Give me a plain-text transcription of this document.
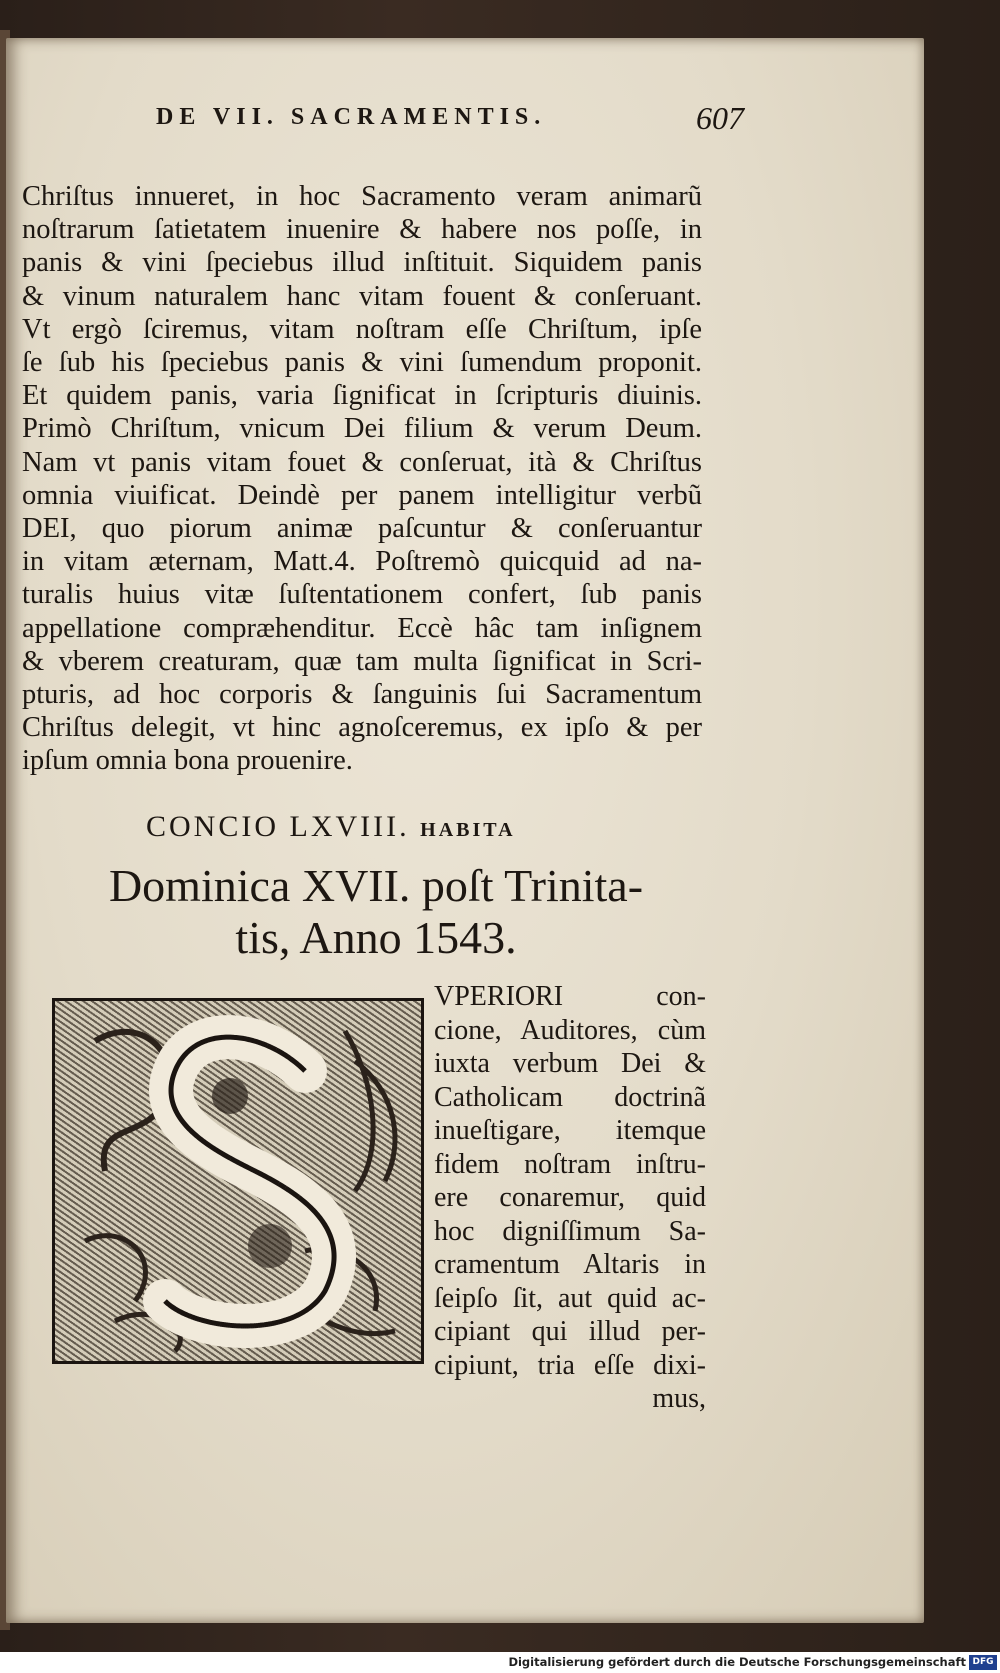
DE VII. SACRAMENTIS.	607
Chriſtus innueret, in hoc Sacramento veram animarũ
noſtrarum ſatietatem inuenire & habere nos poſſe, in
panis & vini ſpeciebus illud inſtituit. Siquidem panis
& vinum naturalem hanc vitam fouent & conſeruant.
Vt ergò ſciremus, vitam noſtram eſſe Chriſtum, ipſe
ſe ſub his ſpeciebus panis & vini ſumendum proponit.
Et quidem panis, varia ſignificat in ſcripturis diuinis.
Primò Chriſtum, vnicum Dei filium & verum Deum.
Nam vt panis vitam fouet & conſeruat, ità & Chriſtus
omnia viuificat. Deindè per panem intelligitur verbũ
DEI, quo piorum animæ paſcuntur & conſeruantur
in vitam æternam, Matt.4. Poſtremò quicquid ad na-
turalis huius vitæ ſuſtentationem confert, ſub panis
appellatione comprӕhenditur. Eccè hâc tam inſignem
& vberem creaturam, quæ tam multa ſignificat in Scri-
pturis, ad hoc corporis & ſanguinis ſui Sacramentum
Chriſtus delegit, vt hinc agnoſceremus, ex ipſo & per
ipſum omnia bona prouenire.
CONCIO LXVIII. HABITA
Dominica XVII. poſt Trinita-
tis, Anno 1543.
VPERIORI con-
cione, Auditores, cùm
iuxta verbum Dei &
Catholicam doctrinã
inueſtigare, itemque
fidem noſtram inſtru-
ere conaremur, quid
hoc digniſſimum Sa-
cramentum Altaris in
ſeipſo ſit, aut quid ac-
cipiant qui illud per-
cipiunt, tria eſſe dixi-
mus,
Digitalisierung gefördert durch die Deutsche Forschungsgemeinschaft DFG
